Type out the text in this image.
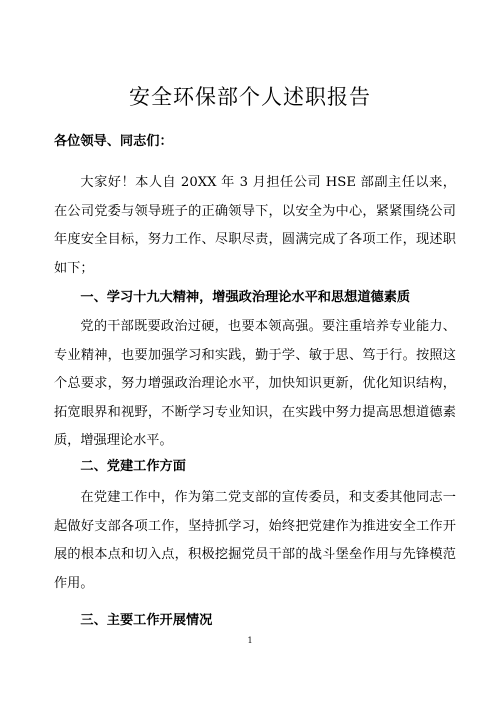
安全环保部个人述职报告

各位领导、同志们：

大家好！本人自 20XX 年 3 月担任公司 HSE 部副主任以来，在公司党委与领导班子的正确领导下，以安全为中心，紧紧围绕公司年度安全目标，努力工作、尽职尽责，圆满完成了各项工作，现述职如下；

一、学习十九大精神，增强政治理论水平和思想道德素质

党的干部既要政治过硬，也要本领高强。要注重培养专业能力、专业精神，也要加强学习和实践，勤于学、敏于思、笃于行。按照这个总要求，努力增强政治理论水平，加快知识更新，优化知识结构，拓宽眼界和视野，不断学习专业知识，在实践中努力提高思想道德素质，增强理论水平。

二、党建工作方面

在党建工作中，作为第二党支部的宣传委员，和支委其他同志一起做好支部各项工作，坚持抓学习，始终把党建作为推进安全工作开展的根本点和切入点，积极挖掘党员干部的战斗堡垒作用与先锋模范作用。

三、主要工作开展情况

1
